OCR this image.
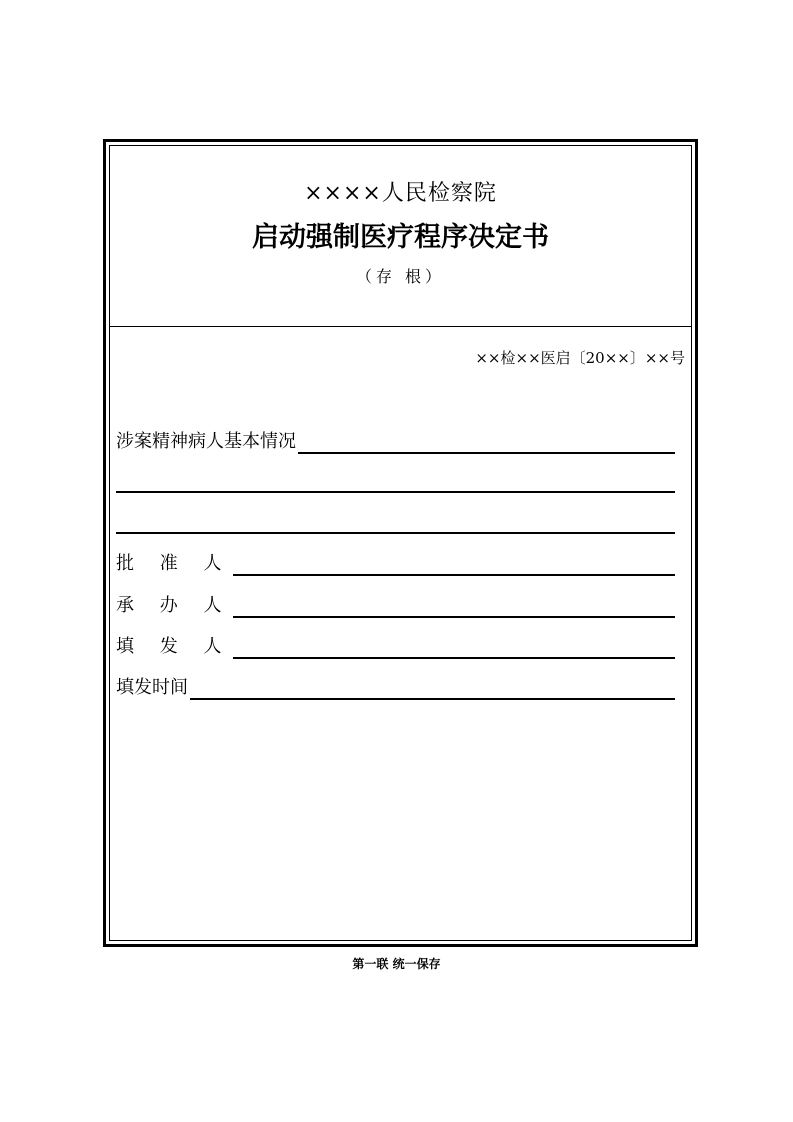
××××人民检察院
启动强制医疗程序决定书
（存 根）
××检××医启〔20××〕××号
涉案精神病人基本情况
批 准 人
承 办 人
填 发 人
填发时间
第一联 统一保存
